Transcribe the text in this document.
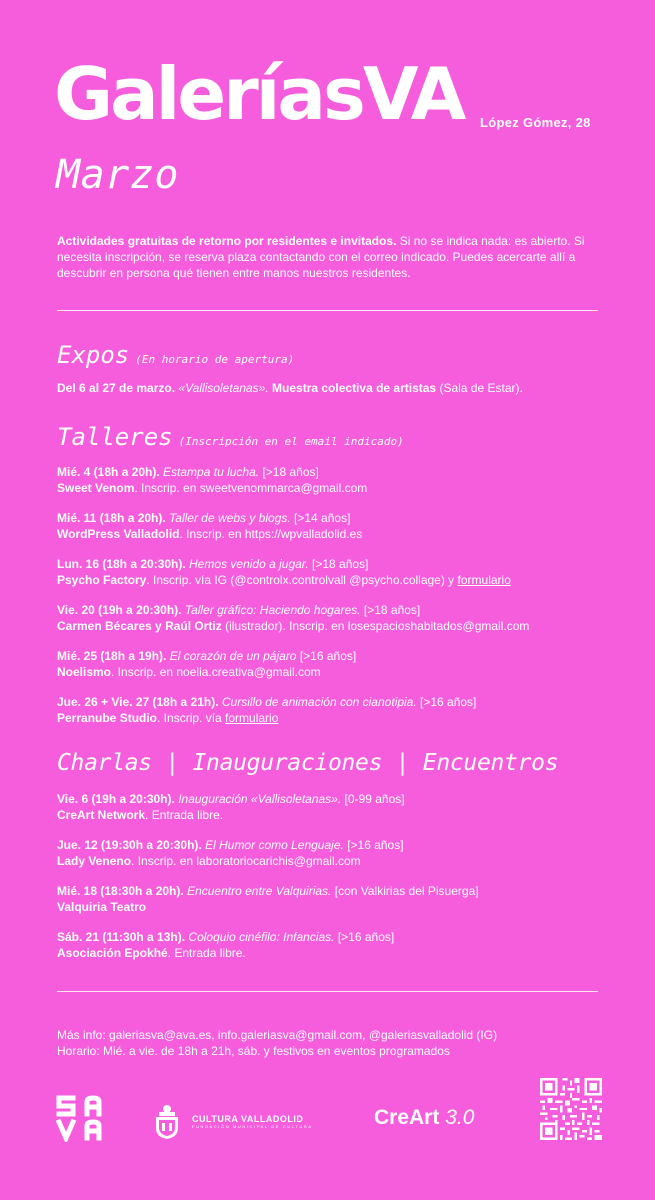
GaleríasVA López Gómez, 28
Marzo
Actividades gratuitas de retorno por residentes e invitados. Si no se indica nada: es abierto. Si necesita inscripción, se reserva plaza contactando con el correo indicado. Puedes acercarte allí a descubrir en persona qué tienen entre manos nuestros residentes.
Expos (En horario de apertura)
Del 6 al 27 de marzo. «Vallisoletanas». Muestra colectiva de artistas (Sala de Estar).
Talleres (Inscripción en el email indicado)
Mié. 4 (18h a 20h). Estampa tu lucha. [>18 años]
Sweet Venom. Inscrip. en sweetvenommarca@gmail.com
Mié. 11 (18h a 20h). Taller de webs y blogs. [>14 años]
WordPress Valladolid. Inscrip. en https://wpvalladolid.es
Lun. 16 (18h a 20:30h). Hemos venido a jugar. [>18 años]
Psycho Factory. Inscrip. vía IG (@controlx.controlvall @psycho.collage) y formulario
Vie. 20 (19h a 20:30h). Taller gráfico: Haciendo hogares. [>18 años]
Carmen Bécares y Raúl Ortiz (ilustrador). Inscrip. en losespacioshabitados@gmail.com
Mié. 25 (18h a 19h). El corazón de un pájaro [>16 años]
Noelismo. Inscrip. en noelia.creativa@gmail.com
Jue. 26 + Vie. 27 (18h a 21h). Cursillo de animación con cianotipia. [>16 años]
Perranube Studio. Inscrip. vía formulario
Charlas | Inauguraciones | Encuentros
Vie. 6 (19h a 20:30h). Inauguración «Vallisoletanas». [0-99 años]
CreArt Network. Entrada libre.
Jue. 12 (19:30h a 20:30h). El Humor como Lenguaje. [>16 años]
Lady Veneno. Inscrip. en laboratoriocarichis@gmail.com
Mié. 18 (18:30h a 20h). Encuentro entre Valquirias. [con Valkirias del Pisuerga]
Valquiria Teatro
Sáb. 21 (11:30h a 13h). Coloquio cinéfilo: Infancias. [>16 años]
Asociación Epokhé. Entrada libre.
Más info: galeriasva@ava.es, info.galeriasva@gmail.com, @galeriasvalladolid (IG)
Horario: Mié. a vie. de 18h a 21h, sáb. y festivos en eventos programados
CULTURA VALLADOLID
FUNDACIÓN MUNICIPAL DE CULTURA	CreArt 3.0
